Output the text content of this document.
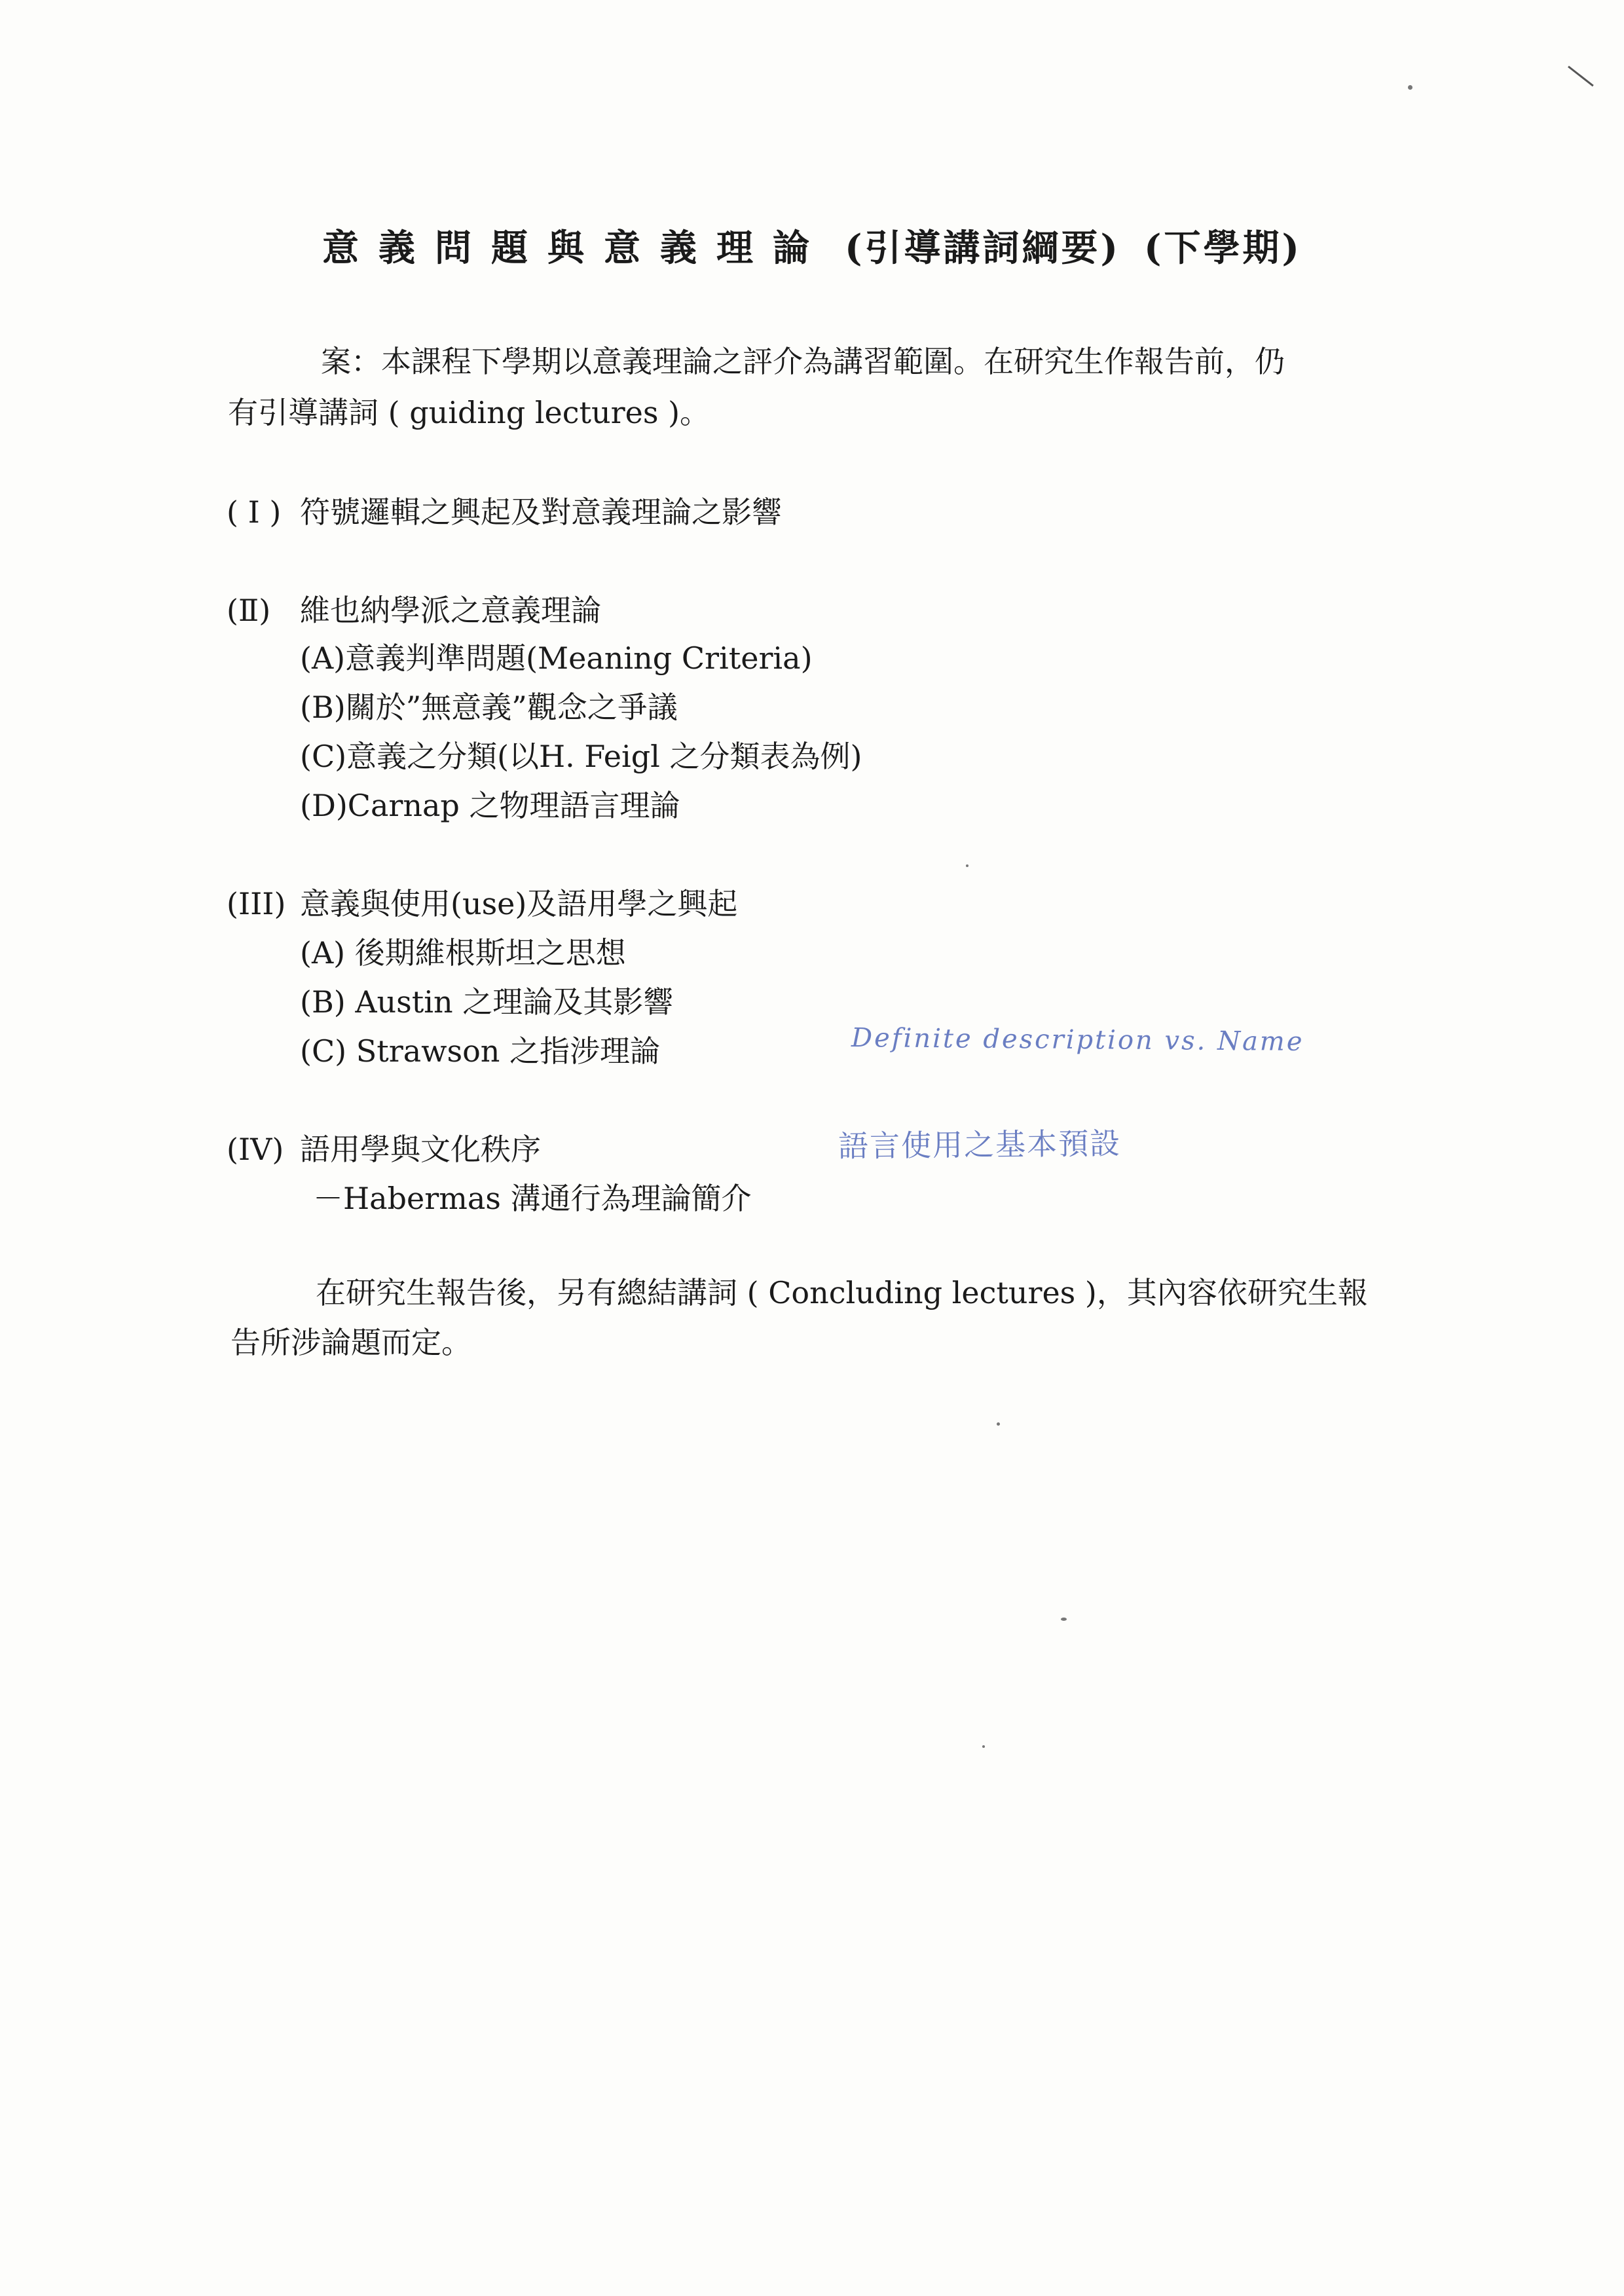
意義問題與意義理論 (引導講詞綱要) (下學期)
案：本課程下學期以意義理論之評介為講習範圍。在研究生作報告前，仍
有引導講詞 ( guiding lectures )。
( I ) 符號邏輯之興起及對意義理論之影響
(Ⅱ) 維也納學派之意義理論
(A)意義判準問題(Meaning Criteria)
(B)關於”無意義”觀念之爭議
(C)意義之分類(以H. Feigl 之分類表為例)
(D)Carnap 之物理語言理論
(III) 意義與使用(use)及語用學之興起
(A) 後期維根斯坦之思想
(B) Austin 之理論及其影響
(C) Strawson 之指涉理論	Definite description vs. Name
(IV) 語用學與文化秩序
－Habermas 溝通行為理論簡介
語言使用之基本預設
在研究生報告後，另有總結講詞 ( Concluding lectures )，其內容依研究生報
告所涉論題而定。
